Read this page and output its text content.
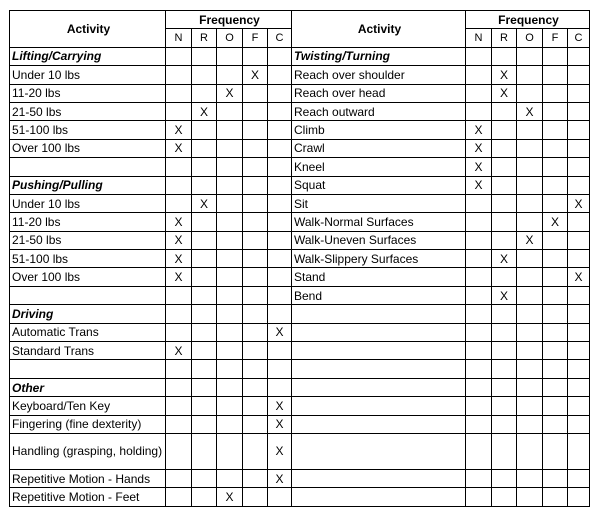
Activity	Frequency					Activity	Frequency				
	N	R	O	F	C		N	R	O	F	C
Lifting/Carrying						Twisting/Turning					
Under 10 lbs				X		Reach over shoulder		X			
11-20 lbs			X			Reach over head		X			
21-50 lbs		X				Reach outward			X		
51-100 lbs	X					Climb	X				
Over 100 lbs	X					Crawl	X				
						Kneel	X				
Pushing/Pulling						Squat	X				
Under 10 lbs		X				Sit					X
11-20 lbs	X					Walk-Normal Surfaces				X	
21-50 lbs	X					Walk-Uneven Surfaces			X		
51-100 lbs	X					Walk-Slippery Surfaces		X			
Over 100 lbs	X					Stand					X
						Bend		X			
Driving											
Automatic Trans					X						
Standard Trans	X										

Other											
Keyboard/Ten Key					X						
Fingering (fine dexterity)					X						
Handling (grasping, holding)					X						
Repetitive Motion - Hands					X						
Repetitive Motion - Feet			X								
